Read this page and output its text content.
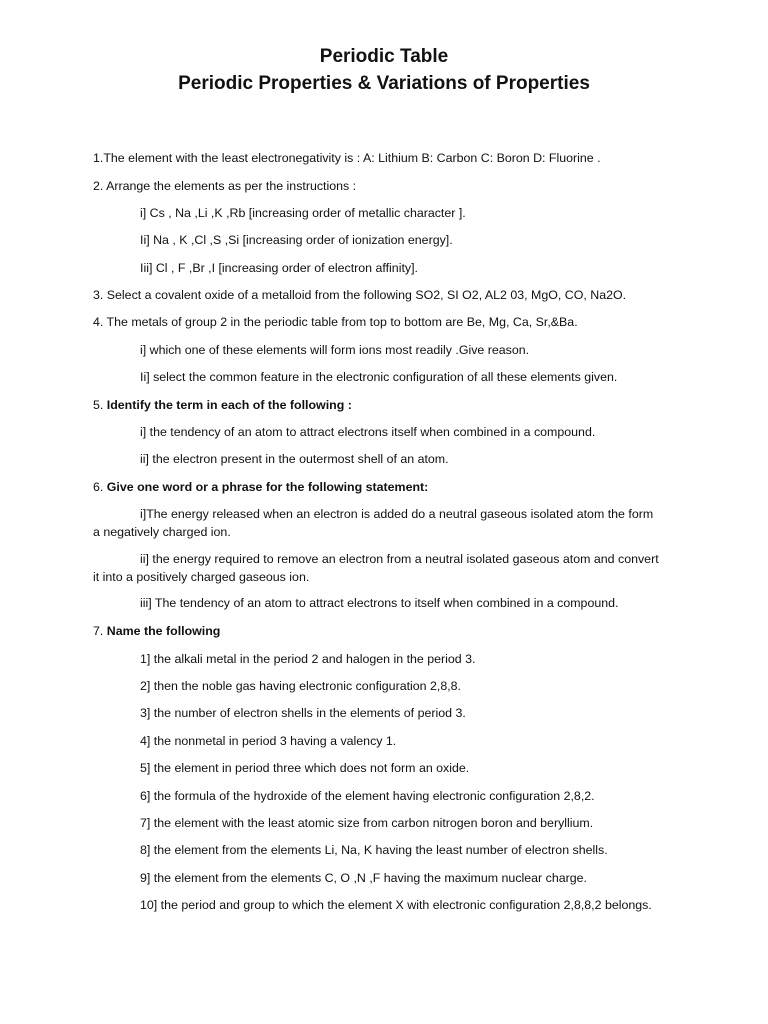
Periodic Table
Periodic Properties & Variations of Properties
1.The element with the least electronegativity is : A: Lithium B: Carbon C: Boron D: Fluorine .
2. Arrange the elements as per the instructions :
i] Cs , Na ,Li ,K ,Rb [increasing order of metallic character ].
Ii] Na , K ,Cl ,S ,Si [increasing order of ionization energy].
Iii] Cl , F ,Br ,I [increasing order of electron affinity].
3. Select a covalent oxide of a metalloid from the following SO2, SI O2, AL2 03, MgO, CO, Na2O.
4. The metals of group 2 in the periodic table from top to bottom are Be, Mg, Ca, Sr,&Ba.
i] which one of these elements will form ions most readily .Give reason.
Ii] select the common feature in the electronic configuration of all these elements given.
5. Identify the term in each of the following :
i] the tendency of an atom to attract electrons itself when combined in a compound.
ii] the electron present in the outermost shell of an atom.
6. Give one word or a phrase for the following statement:
i]The energy released when an electron is added do a neutral gaseous isolated atom the form a negatively charged ion.
ii] the energy required to remove an electron from a neutral isolated gaseous atom and convert it into a positively charged gaseous ion.
iii] The tendency of an atom to attract electrons to itself when combined in a compound.
7. Name the following
1] the alkali metal in the period 2 and halogen in the period 3.
2] then the noble gas having electronic configuration 2,8,8.
3] the number of electron shells in the elements of period 3.
4] the nonmetal in period 3 having a valency 1.
5] the element in period three which does not form an oxide.
6] the formula of the hydroxide of the element having electronic configuration 2,8,2.
7] the element with the least atomic size from carbon nitrogen boron and beryllium.
8] the element from the elements Li, Na, K having the least number of electron shells.
9] the element from the elements C, O ,N ,F having the maximum nuclear charge.
10] the period and group to which the element X with electronic configuration 2,8,8,2 belongs.
